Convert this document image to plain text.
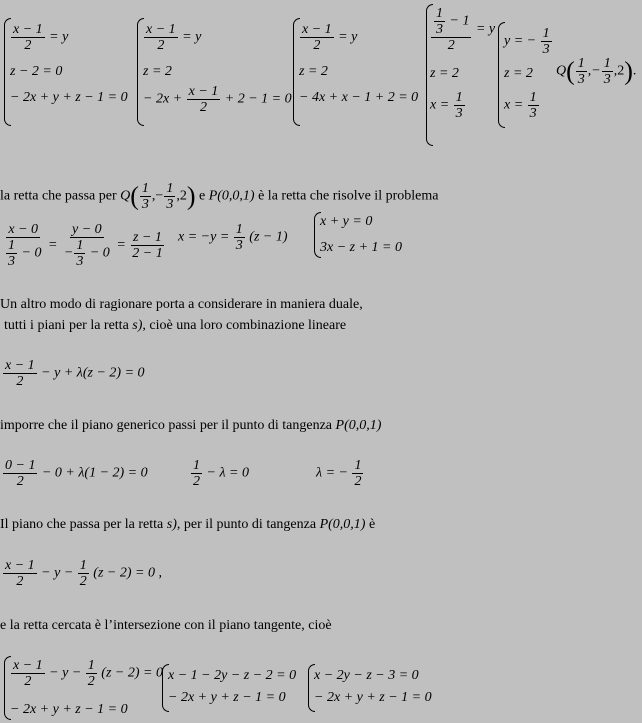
$\frac{x - 1}{2} = y$
z − 2 = 0
− 2x + y + z − 1 = 0
$\frac{x - 1}{2} = y$
z = 2
− $2x + \frac{x - 1}{2} + 2 - 1 = 0$
$\frac{x - 1}{2} = y$
z = 2
− 4x + x − 1 + 2 = 0
$\frac{\frac{1}{3} - 1}{2} = y$
z = 2
$x = \frac{1}{3}$
y = − $\frac{1}{3}$
z = 2
$x = \frac{1}{3}$
$Q( \frac{1}{3}$ ,− $\frac{1}{3} ,2$).
la retta che passa per $Q( \frac{1}{3}$ ,− $\frac{1}{3} ,2$) e P(0,0,1) è la retta che risolve il problema
$\frac{x - 0}{\frac{1}{3} - 0} = \frac{y - 0}{- \frac{1}{3} - 0} = \frac{z - 1}{2 - 1}$ $x = -y = \frac{1}{3} (z - 1)$
x + y = 0
3x − z + 1 = 0
Un altro modo di ragionare porta a considerare in maniera duale,
tutti i piani per la retta s), cioè una loro combinazione lineare
$\frac{x - 1}{2} - y + \lambda(z - 2) = 0$
imporre che il piano generico passi per il punto di tangenza P(0,0,1)
$\frac{0 - 1}{2} - 0 + \lambda(1 - 2) = 0$	$\frac{1}{2} - \lambda = 0$	λ = − $\frac{1}{2}$
Il piano che passa per la retta s), per il punto di tangenza P(0,0,1) è
$\frac{x - 1}{2} - y - \frac{1}{2} (z - 2) = 0$ ,
e la retta cercata è l’intersezione con il piano tangente, cioè
$\frac{x - 1}{2} - y - \frac{1}{2} (z - 2) = 0$
− 2x + y + z − 1 = 0
x − 1 − 2y − z − 2 = 0
− 2x + y + z − 1 = 0
x − 2y − z − 3 = 0
− 2x + y + z − 1 = 0
